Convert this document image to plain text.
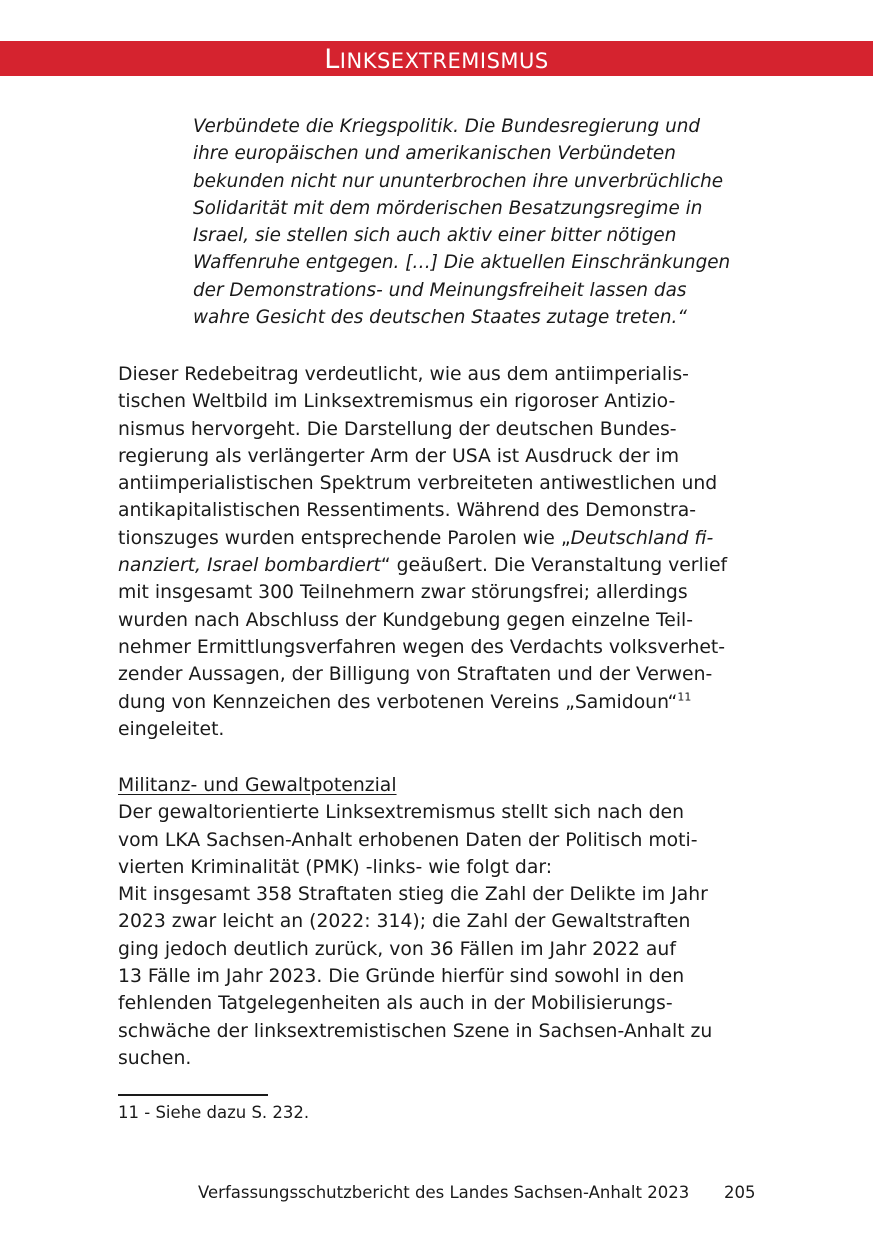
LINKSEXTREMISMUS
Verbündete die Kriegspolitik. Die Bundesregierung und
ihre europäischen und amerikanischen Verbündeten
bekunden nicht nur ununterbrochen ihre unverbrüchliche
Solidarität mit dem mörderischen Besatzungsregime in
Israel, sie stellen sich auch aktiv einer bitter nötigen
Waffenruhe entgegen. […] Die aktuellen Einschränkungen
der Demonstrations- und Meinungsfreiheit lassen das
wahre Gesicht des deutschen Staates zutage treten.“
Dieser Redebeitrag verdeutlicht, wie aus dem antiimperialis-
tischen Weltbild im Linksextremismus ein rigoroser Antizio-
nismus hervorgeht. Die Darstellung der deutschen Bundes-
regierung als verlängerter Arm der USA ist Ausdruck der im
antiimperialistischen Spektrum verbreiteten antiwestlichen und
antikapitalistischen Ressentiments. Während des Demonstra-
tionszuges wurden entsprechende Parolen wie „Deutschland fi-
nanziert, Israel bombardiert“ geäußert. Die Veranstaltung verlief
mit insgesamt 300 Teilnehmern zwar störungsfrei; allerdings
wurden nach Abschluss der Kundgebung gegen einzelne Teil-
nehmer Ermittlungsverfahren wegen des Verdachts volksverhet-
zender Aussagen, der Billigung von Straftaten und der Verwen-
dung von Kennzeichen des verbotenen Vereins „Samidoun“$^{11}$
eingeleitet.
Militanz- und Gewaltpotenzial
Der gewaltorientierte Linksextremismus stellt sich nach den
vom LKA Sachsen-Anhalt erhobenen Daten der Politisch moti-
vierten Kriminalität (PMK) -links- wie folgt dar:
Mit insgesamt 358 Straftaten stieg die Zahl der Delikte im Jahr
2023 zwar leicht an (2022: 314); die Zahl der Gewaltstraften
ging jedoch deutlich zurück, von 36 Fällen im Jahr 2022 auf
13 Fälle im Jahr 2023. Die Gründe hierfür sind sowohl in den
fehlenden Tatgelegenheiten als auch in der Mobilisierungs-
schwäche der linksextremistischen Szene in Sachsen-Anhalt zu
suchen.
11 - Siehe dazu S. 232.
Verfassungsschutzbericht des Landes Sachsen-Anhalt 2023 205
